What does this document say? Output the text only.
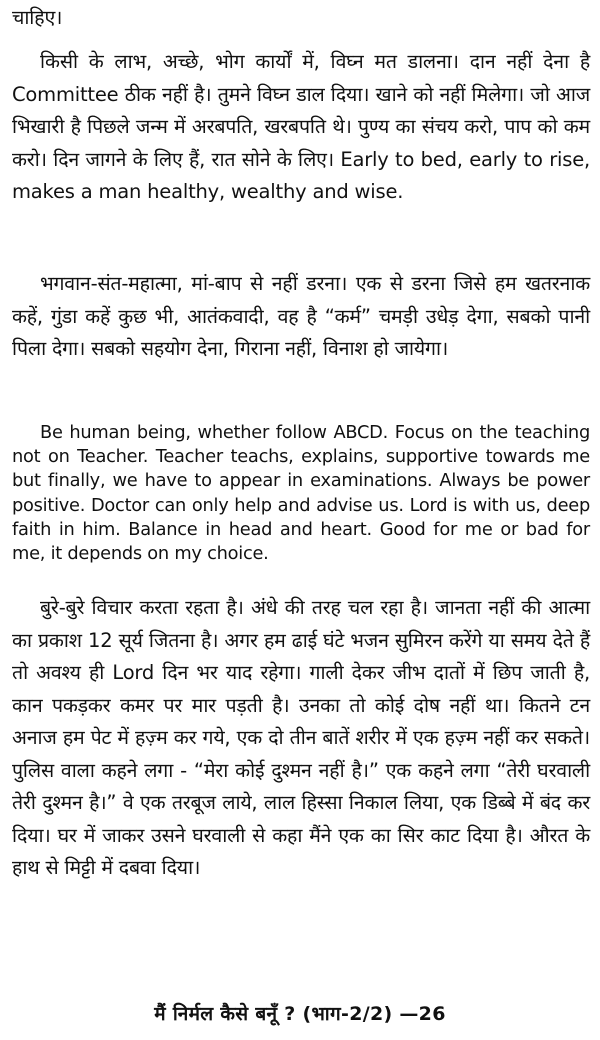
चाहिए।

किसी के लाभ, अच्छे, भोग कार्यों में, विघ्न मत डालना। दान नहीं देना है Committee ठीक नहीं है। तुमने विघ्न डाल दिया। खाने को नहीं मिलेगा। जो आज भिखारी है पिछले जन्म में अरबपति, खरबपति थे। पुण्य का संचय करो, पाप को कम करो। दिन जागने के लिए हैं, रात सोने के लिए। Early to bed, early to rise, makes a man healthy, wealthy and wise.

भगवान-संत-महात्मा, मां-बाप से नहीं डरना। एक से डरना जिसे हम खतरनाक कहें, गुंडा कहें कुछ भी, आतंकवादी, वह है “कर्म” चमड़ी उधेड़ देगा, सबको पानी पिला देगा। सबको सहयोग देना, गिराना नहीं, विनाश हो जायेगा।

Be human being, whether follow ABCD. Focus on the teaching not on Teacher. Teacher teachs, explains, supportive towards me but finally, we have to appear in examinations. Always be power positive. Doctor can only help and advise us. Lord is with us, deep faith in him. Balance in head and heart. Good for me or bad for me, it depends on my choice.

बुरे-बुरे विचार करता रहता है। अंधे की तरह चल रहा है। जानता नहीं की आत्मा का प्रकाश 12 सूर्य जितना है। अगर हम ढाई घंटे भजन सुमिरन करेंगे या समय देते हैं तो अवश्य ही Lord दिन भर याद रहेगा। गाली देकर जीभ दातों में छिप जाती है, कान पकड़कर कमर पर मार पड़ती है। उनका तो कोई दोष नहीं था। कितने टन अनाज हम पेट में हज़्म कर गये, एक दो तीन बातें शरीर में एक हज़्म नहीं कर सकते। पुलिस वाला कहने लगा - “मेरा कोई दुश्मन नहीं है।” एक कहने लगा “तेरी घरवाली तेरी दुश्मन है।” वे एक तरबूज लाये, लाल हिस्सा निकाल लिया, एक डिब्बे में बंद कर दिया। घर में जाकर उसने घरवाली से कहा मैंने एक का सिर काट दिया है। औरत के हाथ से मिट्टी में दबवा दिया।

मैं निर्मल कैसे बनूँ ? (भाग-2/2) —26
